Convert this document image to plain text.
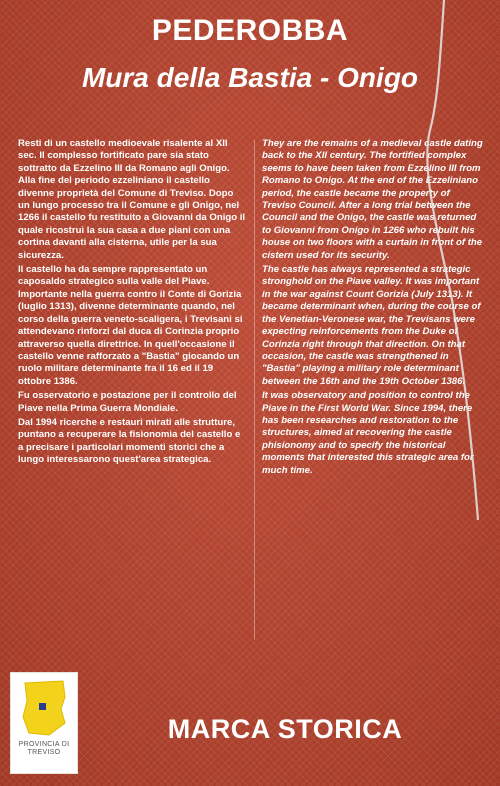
PEDEROBBA
Mura della Bastia - Onigo

Resti di un castello medioevale risalente al XII sec. Il complesso fortificato pare sia stato sottratto da Ezzelino III da Romano agli Onigo. Alla fine del periodo ezzeliniano il castello divenne proprietà del Comune di Treviso. Dopo un lungo processo tra il Comune e gli Onigo, nel 1266 il castello fu restituito a Giovanni da Onigo il quale ricostruì la sua casa a due piani con una cortina davanti alla cisterna, utile per la sua sicurezza.

Il castello ha da sempre rappresentato un caposaldo strategico sulla valle del Piave. Importante nella guerra contro il Conte di Gorizia (luglio 1313), divenne determinante quando, nel corso della guerra veneto-scaligera, i Trevisani si attendevano rinforzi dal duca di Corinzia proprio attraverso quella direttrice. In quell'occasione il castello venne rafforzato a "Bastia" giocando un ruolo militare determinante fra il 16 ed il 19 ottobre 1386.

Fu osservatorio e postazione per il controllo del Piave nella Prima Guerra Mondiale.

Dal 1994 ricerche e restauri mirati alle strutture, puntano a recuperare la fisionomia del castello e a precisare i particolari momenti storici che a lungo interessarono quest'area strategica.

They are the remains of a medieval castle dating back to the XII century. The fortified complex seems to have been taken from Ezzelino III from Romano to Onigo. At the end of the Ezzeliniano period, the castle became the property of Treviso Council. After a long trial between the Council and the Onigo, the castle was returned to Giovanni from Onigo in 1266 who rebuilt his house on two floors with a curtain in front of the cistern used for its security.

The castle has always represented a strategic stronghold on the Piave valley. It was important in the war against Count Gorizia (July 1313). It became determinant when, during the course of the Venetian-Veronese war, the Trevisans were expecting reinforcements from the Duke of Corinzia right through that direction. On that occasion, the castle was strengthened in "Bastia" playing a military role determinant between the 16th and the 19th October 1386.

It was observatory and position to control the Piave in the First World War. Since 1994, there has been researches and restoration to the structures, aimed at recovering the castle phisionomy and to specify the historical moments that interested this strategic area for much time.

PROVINCIA DI TREVISO
MARCA STORICA
